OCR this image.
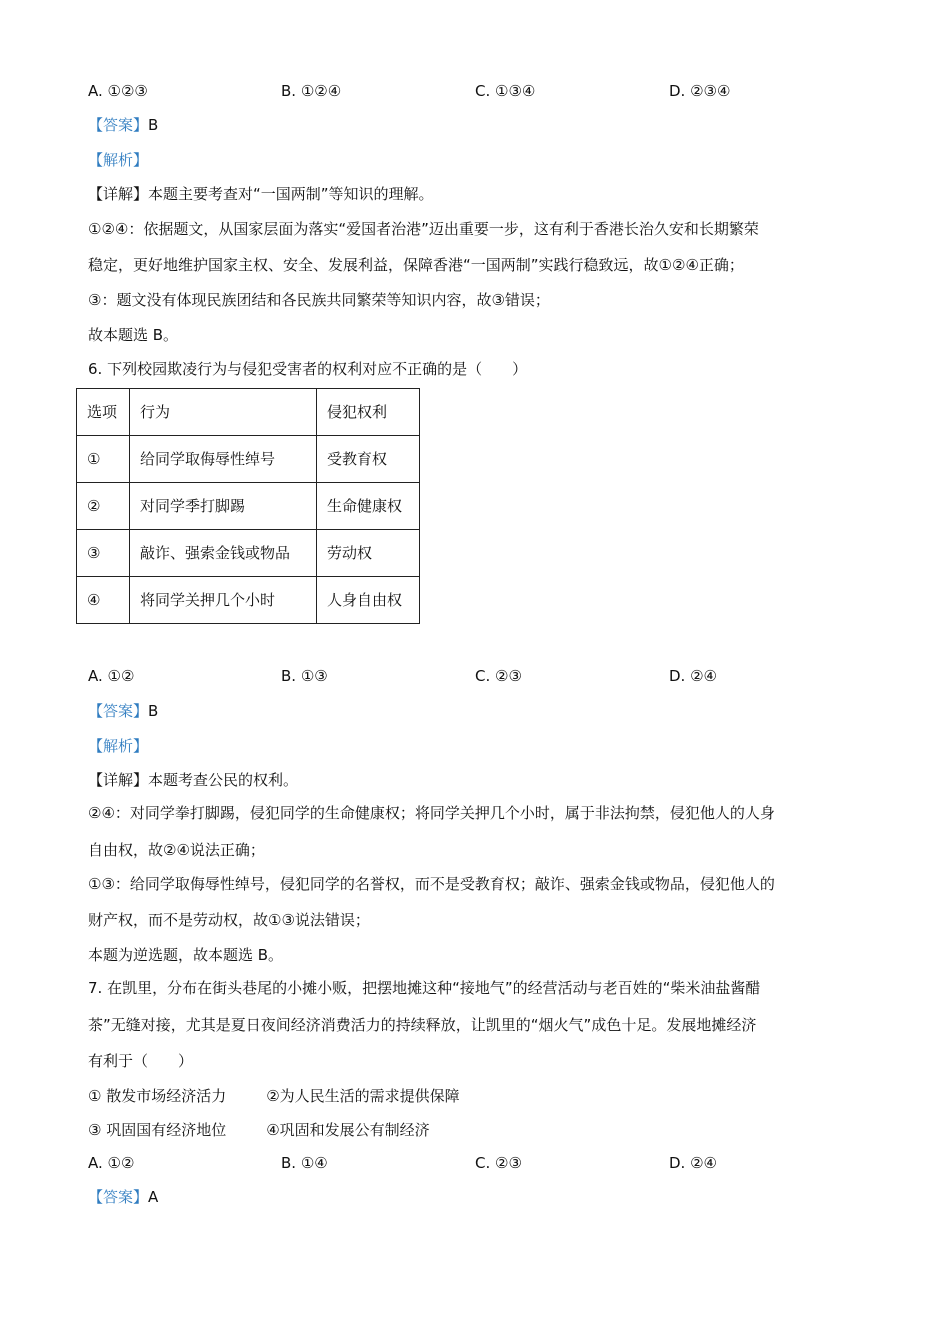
A. ①②③	B. ①②④	C. ①③④	D. ②③④
【答案】B
【解析】
【详解】本题主要考查对“一国两制”等知识的理解。
①②④：依据题文，从国家层面为落实“爱国者治港”迈出重要一步，这有利于香港长治久安和长期繁荣
稳定，更好地维护国家主权、安全、发展利益，保障香港“一国两制”实践行稳致远，故①②④正确；
③：题文没有体现民族团结和各民族共同繁荣等知识内容，故③错误；
故本题选 B。
6. 下列校园欺凌行为与侵犯受害者的权利对应不正确的是（　　）
选项	行为	侵犯权利
①	给同学取侮辱性绰号	受教育权
②	对同学季打脚踢	生命健康权
③	敲诈、强索金钱或物品	劳动权
④	将同学关押几个小时	人身自由权
A. ①②	B. ①③	C. ②③	D. ②④
【答案】B
【解析】
【详解】本题考查公民的权利。
②④：对同学拳打脚踢，侵犯同学的生命健康权；将同学关押几个小时，属于非法拘禁，侵犯他人的人身
自由权，故②④说法正确；
①③：给同学取侮辱性绰号，侵犯同学的名誉权，而不是受教育权；敲诈、强索金钱或物品，侵犯他人的
财产权，而不是劳动权，故①③说法错误；
本题为逆选题，故本题选 B。
7. 在凯里，分布在街头巷尾的小摊小贩，把摆地摊这种“接地气”的经营活动与老百姓的“柴米油盐酱醋
茶”无缝对接，尤其是夏日夜间经济消费活力的持续释放，让凯里的“烟火气”成色十足。发展地摊经济
有利于（　　）
① 散发市场经济活力	②为人民生活的需求提供保障
③ 巩固国有经济地位	④巩固和发展公有制经济
A. ①②	B. ①④	C. ②③	D. ②④
【答案】A
